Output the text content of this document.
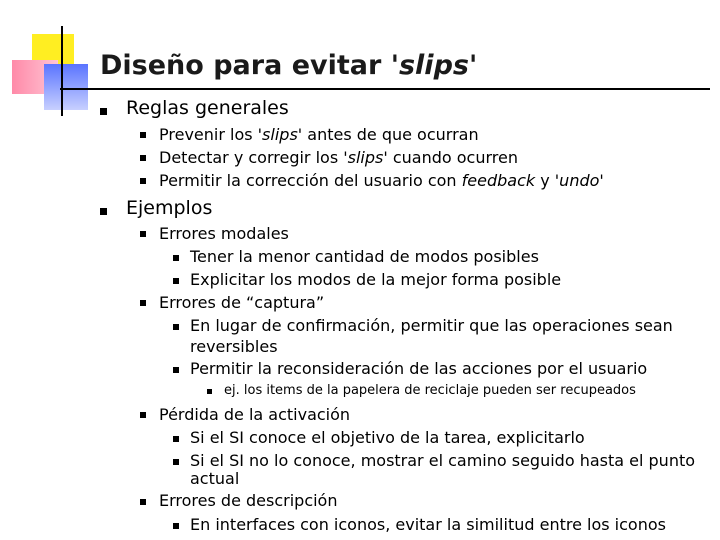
Diseño para evitar 'slips'
Reglas generales
Prevenir los 'slips' antes de que ocurran
Detectar y corregir los 'slips' cuando ocurren
Permitir la corrección del usuario con feedback y 'undo'
Ejemplos
Errores modales
Tener la menor cantidad de modos posibles
Explicitar los modos de la mejor forma posible
Errores de “captura”
En lugar de confirmación, permitir que las operaciones sean
reversibles
Permitir la reconsideración de las acciones por el usuario
ej. los items de la papelera de reciclaje pueden ser recupeados
Pérdida de la activación
Si el SI conoce el objetivo de la tarea, explicitarlo
Si el SI no lo conoce, mostrar el camino seguido hasta el punto
actual
Errores de descripción
En interfaces con iconos, evitar la similitud entre los iconos
